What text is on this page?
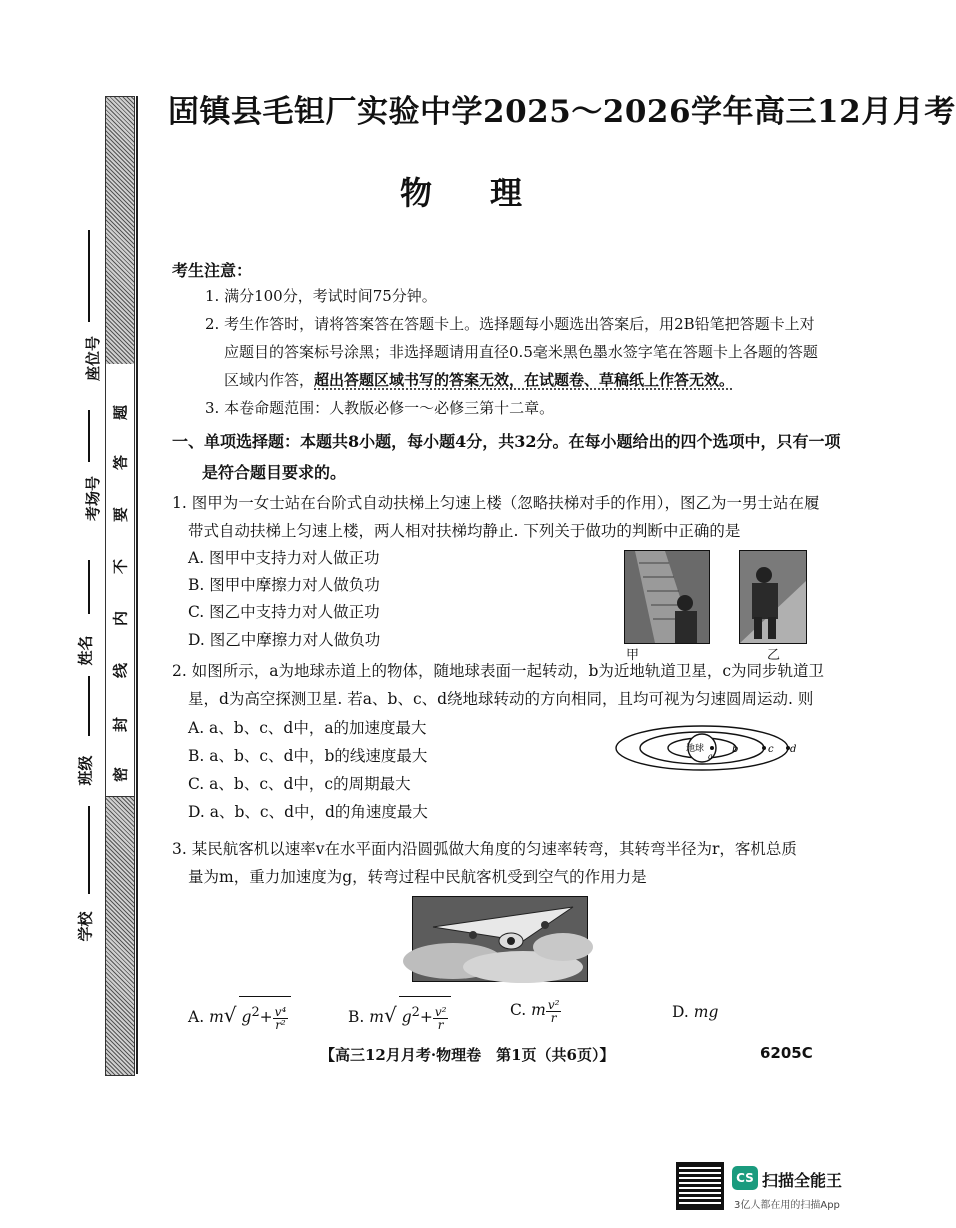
密
封
线
内
不
要
答
题
座位号
考场号
姓名
班级
学校
固镇县毛钽厂实验中学2025～2026学年高三12月月考
物理
考生注意：
1. 满分100分，考试时间75分钟。
2. 考生作答时，请将答案答在答题卡上。选择题每小题选出答案后，用2B铅笔把答题卡上对
应题目的答案标号涂黑；非选择题请用直径0.5毫米黑色墨水签字笔在答题卡上各题的答题
区域内作答，超出答题区域书写的答案无效，在试题卷、草稿纸上作答无效。
3. 本卷命题范围：人教版必修一～必修三第十二章。
一、单项选择题：本题共8小题，每小题4分，共32分。在每小题给出的四个选项中，只有一项
是符合题目要求的。
1. 图甲为一女士站在台阶式自动扶梯上匀速上楼（忽略扶梯对手的作用），图乙为一男士站在履
带式自动扶梯上匀速上楼，两人相对扶梯均静止. 下列关于做功的判断中正确的是
A. 图甲中支持力对人做正功
B. 图甲中摩擦力对人做负功
C. 图乙中支持力对人做正功
D. 图乙中摩擦力对人做负功
甲	乙
2. 如图所示，a为地球赤道上的物体，随地球表面一起转动，b为近地轨道卫星，c为同步轨道卫
星，d为高空探测卫星. 若a、b、c、d绕地球转动的方向相同，且均可视为匀速圆周运动. 则
A. a、b、c、d中，a的加速度最大
B. a、b、c、d中，b的线速度最大
C. a、b、c、d中，c的周期最大
D. a、b、c、d中，d的角速度最大
地球
a
b	c d
3. 某民航客机以速率v在水平面内沿圆弧做大角度的匀速率转弯，其转弯半径为r，客机总质
量为m，重力加速度为g，转弯过程中民航客机受到空气的作用力是
A. m√ $g^2+ \frac{\text{v⁴}}{\text{r²}}$	B. m√ $g^2+ \frac{\text{v²}}{r}$	C. m $\frac{\text{v²}}{r}$	D. mg
【高三12月月考·物理卷　第1页（共6页）】	6205C
CS 扫描全能王
3亿人都在用的扫描App
